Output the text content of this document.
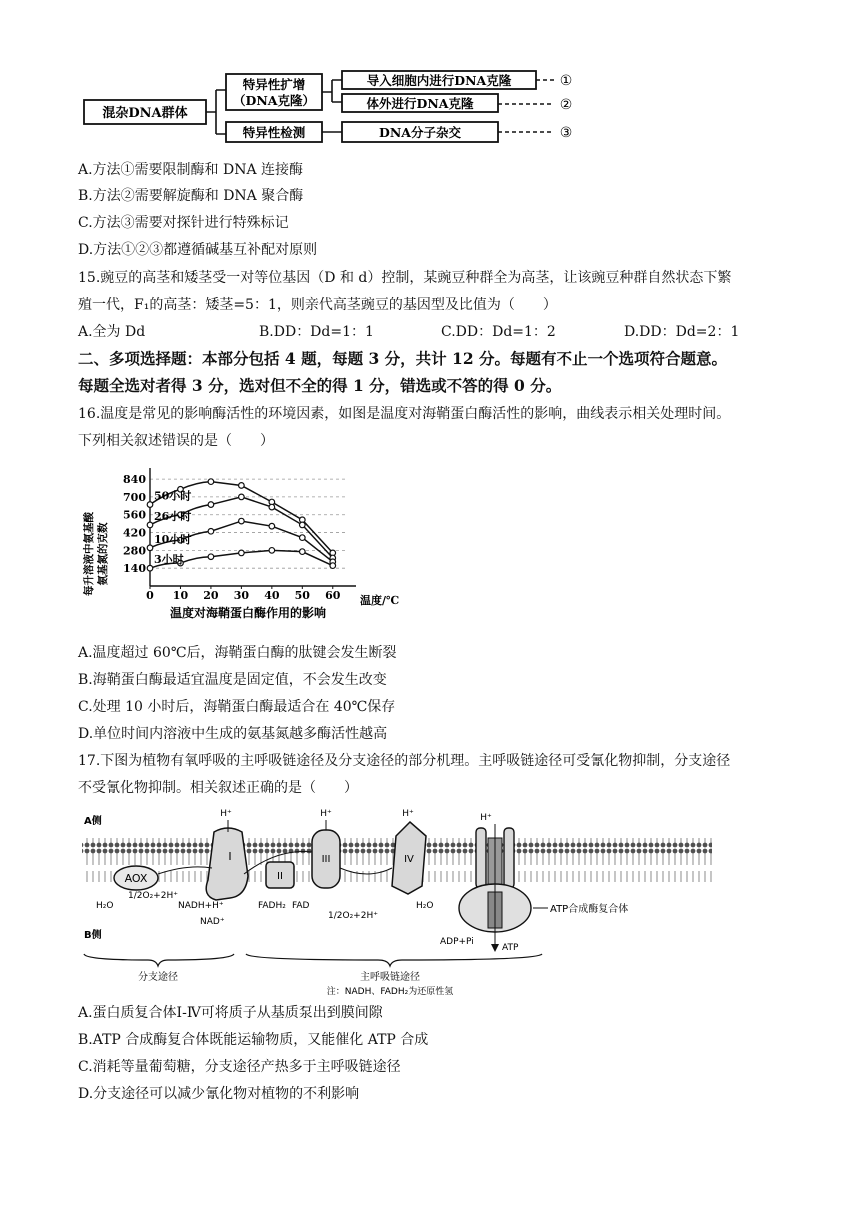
混杂DNA群体
特异性扩增
（DNA克隆）
特异性检测
导入细胞内进行DNA克隆
体外进行DNA克隆
DNA分子杂交
①
②
③
A.方法①需要限制酶和 DNA 连接酶
B.方法②需要解旋酶和 DNA 聚合酶
C.方法③需要对探针进行特殊标记
D.方法①②③都遵循碱基互补配对原则
15.豌豆的高茎和矮茎受一对等位基因（D 和 d）控制，某豌豆种群全为高茎，让该豌豆种群自然状态下繁
殖一代，F₁的高茎：矮茎=5：1，则亲代高茎豌豆的基因型及比值为（　　）
A.全为 Dd	B.DD：Dd=1：1	C.DD：Dd=1：2	D.DD：Dd=2：1
二、多项选择题：本部分包括 4 题，每题 3 分，共计 12 分。每题有不止一个选项符合题意。
每题全选对者得 3 分，选对但不全的得 1 分，错选或不答的得 0 分。
16.温度是常见的影响酶活性的环境因素，如图是温度对海鞘蛋白酶活性的影响，曲线表示相关处理时间。
下列相关叙述错误的是（　　）
140
280
420
560
700
840
0 10 20 30 40 50 60
50小时
26小时
10小时
3小时
每升溶液中氨基酸 氨基氮的克数
温度/℃
温度对海鞘蛋白酶作用的影响
A.温度超过 60℃后，海鞘蛋白酶的肽键会发生断裂
B.海鞘蛋白酶最适宜温度是固定值，不会发生改变
C.处理 10 小时后，海鞘蛋白酶最适合在 40℃保存
D.单位时间内溶液中生成的氨基氮越多酶活性越高
17.下图为植物有氧呼吸的主呼吸链途径及分支途径的部分机理。主呼吸链途径可受氰化物抑制，分支途径
不受氰化物抑制。相关叙述正确的是（　　）
A侧
AOX
I
H⁺
II
III
H⁺
IV
H⁺	H⁺
ATP合成酶复合体
H₂O
1/2O₂+2H⁺
NADH+H⁺
NAD⁺
FADH₂ FAD
1/2O₂+2H⁺
H₂O
B侧
ADP+Pi
ATP
分支途径	主呼吸链途径
注：NADH、FADH₂为还原性氢
A.蛋白质复合体Ⅰ-Ⅳ可将质子从基质泵出到膜间隙
B.ATP 合成酶复合体既能运输物质，又能催化 ATP 合成
C.消耗等量葡萄糖，分支途径产热多于主呼吸链途径
D.分支途径可以减少氰化物对植物的不利影响
